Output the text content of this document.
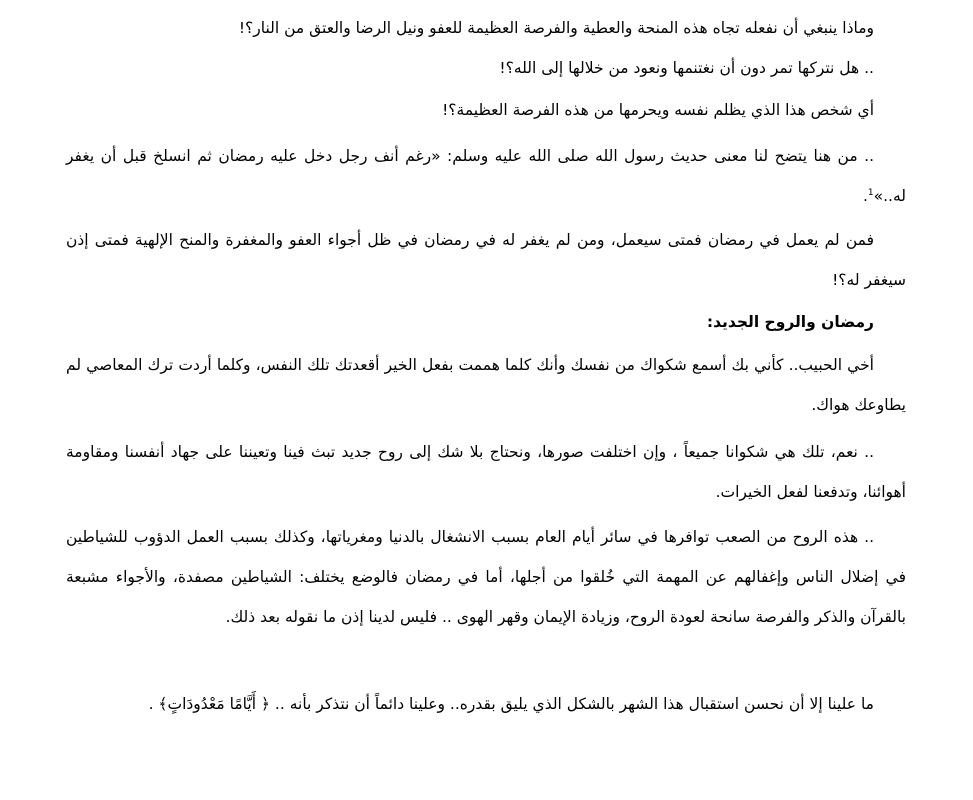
وماذا ينبغي أن نفعله تجاه هذه المنحة والعطية والفرصة العظيمة للعفو ونيل الرضا والعتق من النار؟!

.. هل نتركها تمر دون أن نغتنمها ونعود من خلالها إلى الله؟!

أي شخص هذا الذي يظلم نفسه ويحرمها من هذه الفرصة العظيمة؟!

.. من هنا يتضح لنا معنى حديث رسول الله صلى الله عليه وسلم: «رغم أنف رجل دخل عليه رمضان ثم انسلخ قبل أن يغفر له..»$^1$.

فمن لم يعمل في رمضان فمتى سيعمل، ومن لم يغفر له في رمضان في ظل أجواء العفو والمغفرة والمنح الإلهية فمتى إذن سيغفر له؟!

رمضان والروح الجديد:

أخي الحبيب.. كأني بك أسمع شكواك من نفسك وأنك كلما هممت بفعل الخير أقعدتك تلك النفس، وكلما أردت ترك المعاصي لم يطاوعك هواك.

.. نعم، تلك هي شكوانا جميعاً ، وإن اختلفت صورها، ونحتاج بلا شك إلى روح جديد تبث فينا وتعيننا على جهاد أنفسنا ومقاومة أهوائنا، وتدفعنا لفعل الخيرات.

.. هذه الروح من الصعب توافرها في سائر أيام العام بسبب الانشغال بالدنيا ومغرياتها، وكذلك بسبب العمل الدؤوب للشياطين في إضلال الناس وإغفالهم عن المهمة التي خُلقوا من أجلها، أما في رمضان فالوضع يختلف: الشياطين مصفدة، والأجواء مشبعة بالقرآن والذكر والفرصة سانحة لعودة الروح، وزيادة الإيمان وقهر الهوى .. فليس لدينا إذن ما نقوله بعد ذلك.

ما علينا إلا أن نحسن استقبال هذا الشهر بالشكل الذي يليق بقدره.. وعلينا دائماً أن نتذكر بأنه .. ﴿ أَيَّامًا مَعْدُودَاتٍ﴾ .
